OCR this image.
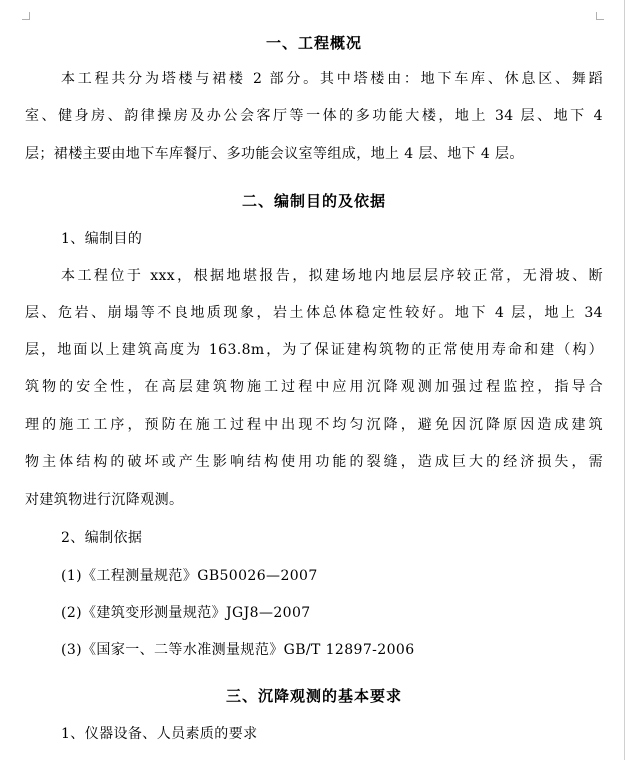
一、工程概况
本工程共分为塔楼与裙楼 2 部分。其中塔楼由：地下车库、休息区、舞蹈
室、健身房、韵律操房及办公会客厅等一体的多功能大楼，地上 34 层、地下 4
层；裙楼主要由地下车库餐厅、多功能会议室等组成，地上 4 层、地下 4 层。
二、编制目的及依据
1、编制目的
本工程位于 xxx，根据地堪报告，拟建场地内地层层序较正常，无滑坡、断
层、危岩、崩塌等不良地质现象，岩土体总体稳定性较好。地下 4 层，地上 34
层，地面以上建筑高度为 163.8m，为了保证建构筑物的正常使用寿命和建（构）
筑物的安全性，在高层建筑物施工过程中应用沉降观测加强过程监控，指导合
理的施工工序，预防在施工过程中出现不均匀沉降，避免因沉降原因造成建筑
物主体结构的破坏或产生影响结构使用功能的裂缝，造成巨大的经济损失，需
对建筑物进行沉降观测。
2、编制依据
(1)《工程测量规范》GB50026—2007
(2)《建筑变形测量规范》JGJ8—2007
(3)《国家一、二等水准测量规范》GB/T 12897-2006
三、沉降观测的基本要求
1、仪器设备、人员素质的要求
